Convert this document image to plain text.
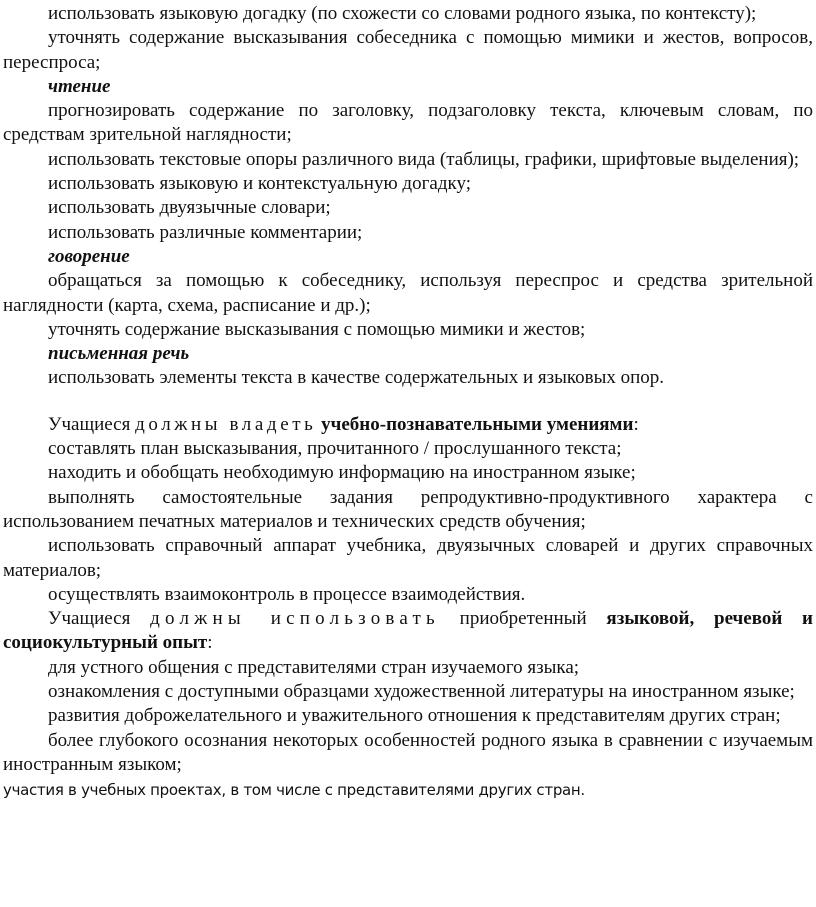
использовать языковую догадку (по схожести со словами родного языка, по контексту);

уточнять содержание высказывания собеседника с помощью мимики и жестов, вопросов, переспроса;

чтение

прогнозировать содержание по заголовку, подзаголовку текста, ключевым словам, по средствам зрительной наглядности;

использовать текстовые опоры различного вида (таблицы, графики, шрифтовые выделения);

использовать языковую и контекстуальную догадку;

использовать двуязычные словари;

использовать различные комментарии;

говорение

обращаться за помощью к собеседнику, используя переспрос и средства зрительной наглядности (карта, схема, расписание и др.);

уточнять содержание высказывания с помощью мимики и жестов;

письменная речь

использовать элементы текста в качестве содержательных и языковых опор.

Учащиеся должны владеть учебно-познавательными умениями:

составлять план высказывания, прочитанного / прослушанного текста;

находить и обобщать необходимую информацию на иностранном языке;

выполнять самостоятельные задания репродуктивно-продуктивного характера с использованием печатных материалов и технических средств обучения;

использовать справочный аппарат учебника, двуязычных словарей и других справочных материалов;

осуществлять взаимоконтроль в процессе взаимодействия.

Учащиеся должны использовать приобретенный языковой, речевой и социокультурный опыт:

для устного общения с представителями стран изучаемого языка;

ознакомления с доступными образцами художественной литературы на иностранном языке;

развития доброжелательного и уважительного отношения к представителям других стран;

более глубокого осознания некоторых особенностей родного языка в сравнении с изучаемым иностранным языком;

участия в учебных проектах, в том числе с представителями других стран.
